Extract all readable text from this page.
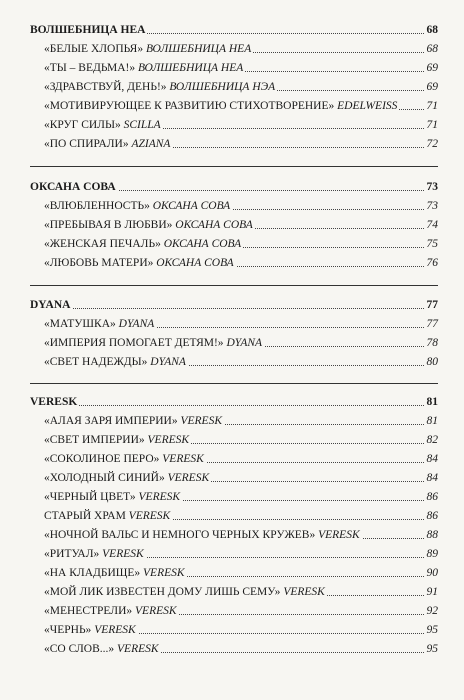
ВОЛШЕБНИЦА НЕА	68
«БЕЛЫЕ ХЛОПЬЯ» ВОЛШЕБНИЦА НЕА	68
«ТЫ – ВЕДЬМА!» ВОЛШЕБНИЦА НЕА	69
«ЗДРАВСТВУЙ, ДЕНЬ!» ВОЛШЕБНИЦА НЭА	69
«МОТИВИРУЮЩЕЕ К РАЗВИТИЮ СТИХОТВОРЕНИЕ» EDELWEISS	71
«КРУГ СИЛЫ» SCILLA	71
«ПО СПИРАЛИ» AZIANA	72
ОКСАНА СОВА	73
«ВЛЮБЛЕННОСТЬ» ОКСАНА СОВА	73
«ПРЕБЫВАЯ В ЛЮБВИ» ОКСАНА СОВА	74
«ЖЕНСКАЯ ПЕЧАЛЬ» ОКСАНА СОВА	75
«ЛЮБОВЬ МАТЕРИ» ОКСАНА СОВА	76
DYANA	77
«МАТУШКА» DYANA	77
«ИМПЕРИЯ ПОМОГАЕТ ДЕТЯМ!» DYANA	78
«СВЕТ НАДЕЖДЫ» DYANA	80
VERESK	81
«АЛАЯ ЗАРЯ ИМПЕРИИ» VERESK	81
«СВЕТ ИМПЕРИИ» VERESK	82
«СОКОЛИНОЕ ПЕРО» VERESK	84
«ХОЛОДНЫЙ СИНИЙ» VERESK	84
«ЧЕРНЫЙ ЦВЕТ» VERESK	86
СТАРЫЙ ХРАМ VERESK	86
«НОЧНОЙ ВАЛЬС И НЕМНОГО ЧЕРНЫХ КРУЖЕВ» VERESK	88
«РИТУАЛ» VERESK	89
«НА КЛАДБИЩЕ» VERESK	90
«МОЙ ЛИК ИЗВЕСТЕН ДОМУ ЛИШЬ СЕМУ» VERESK	91
«МЕНЕСТРЕЛИ» VERESK	92
«ЧЕРНЬ» VERESK	95
«СО СЛОВ...» VERESK	95
